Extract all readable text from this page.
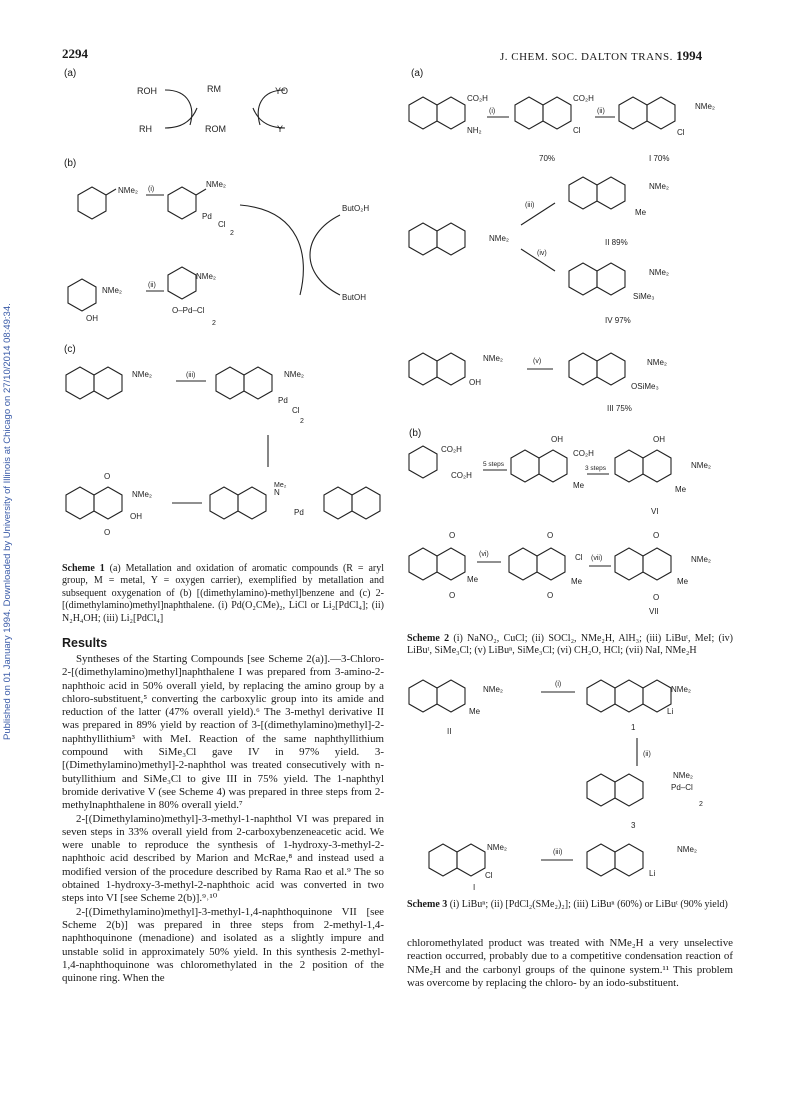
2294	J. CHEM. SOC. DALTON TRANS. 1994
Published on 01 January 1994. Downloaded by University of Illinois at Chicago on 27/10/2014 08:49:34.
(a)
ROH	RM	YO
RH	ROM	Y
(b)
NMe₂ (i)
NMe₂
Pd
Cl
2
ButO₂H
ButOH
NMe₂
O–Pd–Cl
2
(ii)
NMe₂
OH
(c)
NMe₂	(iii)	NMe₂
Pd
Cl
2
N
Me₂
Pd
O
O
NMe₂
OH
Scheme 1 (a) Metallation and oxidation of aromatic compounds (R = aryl group, M = metal, Y = oxygen carrier), exemplified by metallation and subsequent oxygenation of (b) [(dimethylamino)-methyl]benzene and (c) 2-[(dimethylamino)methyl]naphthalene. (i) Pd(O₂CMe)₂, LiCl or Li₂[PdCl₄]; (ii) N₂H₄OH; (iii) Li₂[PdCl₄]
(a)
CO₂H
NH₂
(i)
CO₂H
Cl
(ii)
NMe₂
Cl
70%	I 70%
NMe₂
(iii)
(iv)
NMe₂
Me
II 89%
NMe₂
SiMe₃
IV 97%
NMe₂
OH
(v)	NMe₂
OSiMe₃
III 75%
(b)
CO₂H
CO₂H
5 steps
OH
CO₂H
Me
3 steps
OH
NMe₂
Me
VI
O
O
Me
(vi)
O
O
Cl
Me
(vii)
O
O
NMe₂
Me
VII
Scheme 2 (i) NaNO₂, CuCl; (ii) SOCl₂, NMe₂H, AlH₃; (iii) LiBuᵗ, MeI; (iv) LiBuᵗ, SiMe₃Cl; (v) LiBuⁿ, SiMe₃Cl; (vi) CH₂O, HCl; (vii) NaI, NMe₂H
NMe₂
Me
II
(i)
NMe₂
Li
1
(ii)
NMe₂
Pd–Cl
2
3
NMe₂
Cl
I
(iii)	NMe₂
Li
Scheme 3 (i) LiBuⁿ; (ii) [PdCl₂(SMe₂)₂]; (iii) LiBuⁿ (60%) or LiBuᵗ (90% yield)
Results

Syntheses of the Starting Compounds [see Scheme 2(a)].—3-Chloro-2-[(dimethylamino)methyl]naphthalene I was prepared from 3-amino-2-naphthoic acid in 50% overall yield, by replacing the amino group by a chloro-substituent,⁵ converting the carboxylic group into its amide and reduction of the latter (47% overall yield).⁶ The 3-methyl derivative II was prepared in 89% yield by reaction of 3-[(dimethylamino)methyl]-2-naphthyllithium³ with MeI. Reaction of the same naphthyllithium compound with SiMe₃Cl gave IV in 97% yield. 3-[(Dimethylamino)methyl]-2-naphthol was treated consecutively with n-butyllithium and SiMe₃Cl to give III in 75% yield. The 1-naphthyl bromide derivative V (see Scheme 4) was prepared in three steps from 2-methylnaphthalene in 80% overall yield.⁷

2-[(Dimethylamino)methyl]-3-methyl-1-naphthol VI was prepared in seven steps in 33% overall yield from 2-carboxybenzeneacetic acid. We were unable to reproduce the synthesis of 1-hydroxy-3-methyl-2-naphthoic acid described by Marion and McRae,⁸ and instead used a modified version of the procedure described by Rama Rao et al.⁹ The so obtained 1-hydroxy-3-methyl-2-naphthoic acid was converted in two steps into VI [see Scheme 2(b)].⁹˒¹⁰

2-[(Dimethylamino)methyl]-3-methyl-1,4-naphthoquinone VII [see Scheme 2(b)] was prepared in three steps from 2-methyl-1,4-naphthoquinone (menadione) and isolated as a slightly impure and unstable solid in approximately 50% yield. In this synthesis 2-methyl-1,4-naphthoquinone was chloromethylated in the 2 position of the quinone ring. When the

chloromethylated product was treated with NMe₂H a very unselective reaction occurred, probably due to a competitive condensation reaction of NMe₂H and the carbonyl groups of the quinone system.¹¹ This problem was overcome by replacing the chloro- by an iodo-substituent.
